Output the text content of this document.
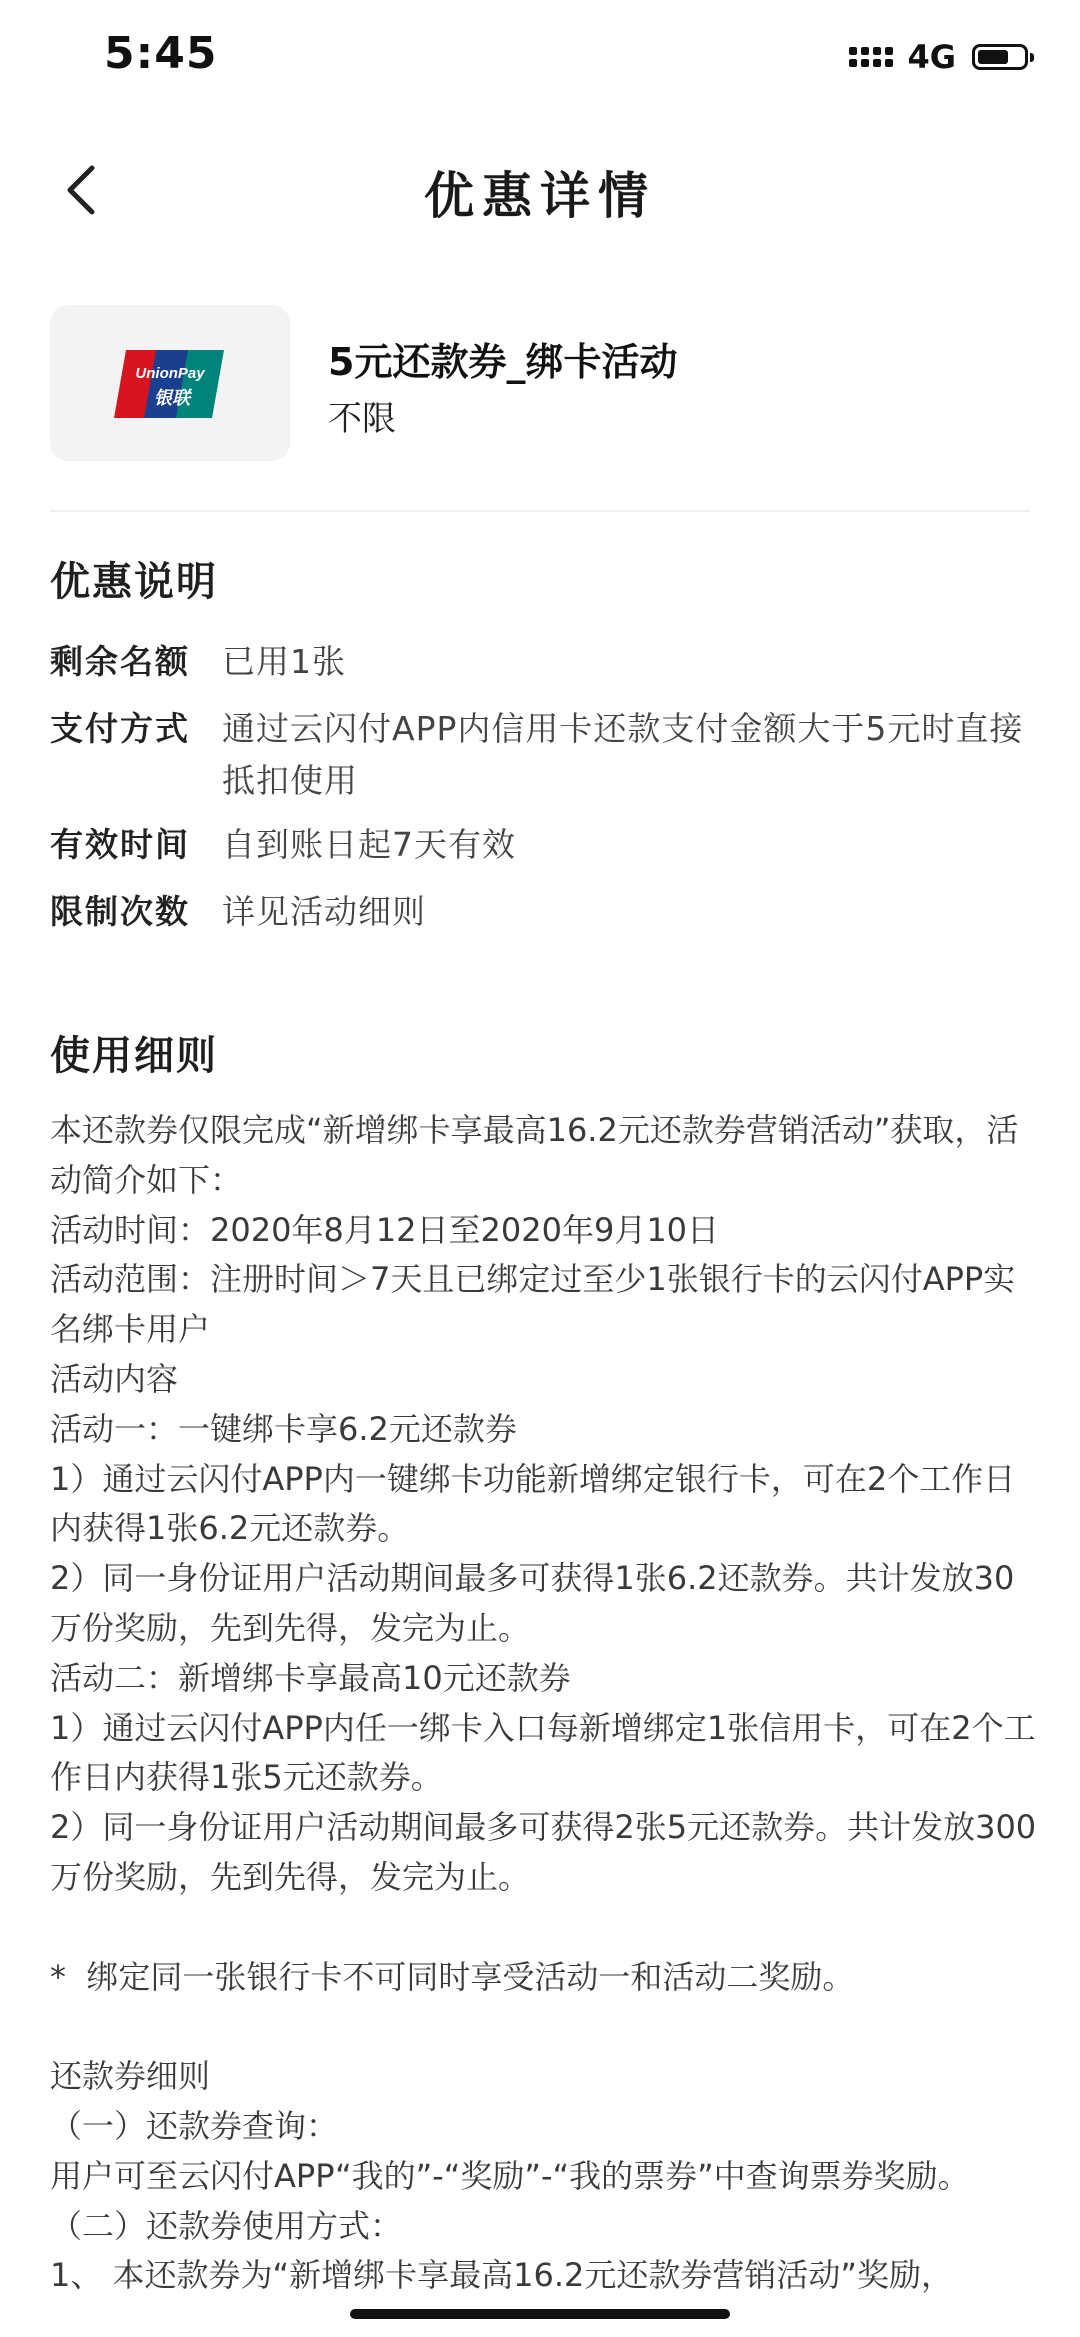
5:45	4G
优惠详情
UnionPay
银联
5元还款券_绑卡活动
不限
优惠说明
剩余名额 已用1张
支付方式 通过云闪付APP内信用卡还款支付金额大于5元时直接抵扣使用
有效时间 自到账日起7天有效
限制次数 详见活动细则
使用细则

本还款券仅限完成“新增绑卡享最高16.2元还款券营销活动”获取，活动简介如下：

活动时间：2020年8月12日至2020年9月10日

活动范围：注册时间＞7天且已绑定过至少1张银行卡的云闪付APP实名绑卡用户

活动内容

活动一：一键绑卡享6.2元还款券

1）通过云闪付APP内一键绑卡功能新增绑定银行卡，可在2个工作日内获得1张6.2元还款券。

2）同一身份证用户活动期间最多可获得1张6.2还款券。共计发放30万份奖励，先到先得，发完为止。

活动二：新增绑卡享最高10元还款券

1）通过云闪付APP内任一绑卡入口每新增绑定1张信用卡，可在2个工作日内获得1张5元还款券。

2）同一身份证用户活动期间最多可获得2张5元还款券。共计发放300万份奖励，先到先得，发完为止。

*  绑定同一张银行卡不可同时享受活动一和活动二奖励。

还款券细则

（一）还款券查询：

用户可至云闪付APP“我的”-“奖励”-“我的票券”中查询票券奖励。

（二）还款券使用方式：

1、 本还款券为“新增绑卡享最高16.2元还款券营销活动”奖励，
